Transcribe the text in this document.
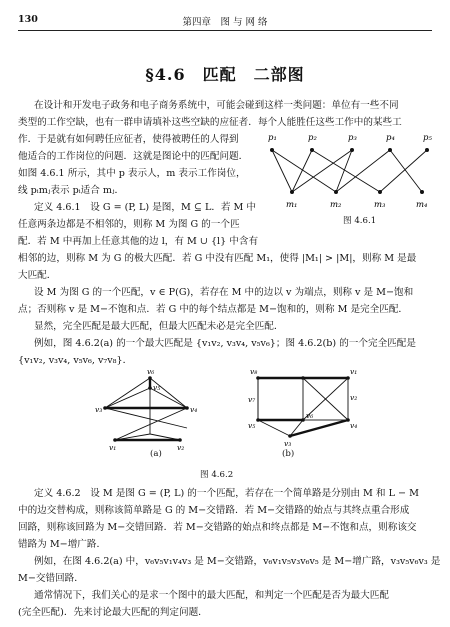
130	第四章　图 与 网 络
§4.6　匹配　二部图

在设计和开发电子政务和电子商务系统中，可能会碰到这样一类问题：单位有一些不同

类型的工作空缺，也有一群申请填补这些空缺的应征者．每个人能胜任这些工作中的某些工

作．于是就有如何聘任应征者，使得被聘任的人得到

他适合的工作岗位的问题．这就是图论中的匹配问题．

如图 4.6.1 所示，其中 p 表示人，m 表示工作岗位，

线 pᵢmⱼ表示 pᵢ适合 mⱼ．

定义 4.6.1　设 G = (P, L) 是图，M ⊆ L．若 M 中

任意两条边都是不相邻的，则称 M 为图 G 的一个匹

配．若 M 中再加上任意其他的边 l，有 M ∪ {l} 中含有

相邻的边，则称 M 为 G 的极大匹配．若 G 中没有匹配 M₁，使得 |M₁| > |M|，则称 M 是最

大匹配．

设 M 为图 G 的一个匹配，v ∈ P(G)，若存在 M 中的边以 v 为端点，则称 v 是 M−饱和

点；否则称 v 是 M−不饱和点．若 G 中的每个结点都是 M−饱和的，则称 M 是完全匹配．

显然，完全匹配是最大匹配，但最大匹配未必是完全匹配．

例如，图 4.6.2(a) 的一个最大匹配是 {v₁v₂, v₃v₄, v₅v₆}；图 4.6.2(b) 的一个完全匹配是

{v₁v₂, v₃v₄, v₅v₆, v₇v₈}．

p₁	p₂	p₃	p₄	p₅
m₁	m₂	m₃	m₄
图 4.6.1
v₆
v₅
v₃	v₄
v₁	v₂
(a)
v₈
v₇
v₁
v₂
v₅
v₆
v₄
v₃
(b)
图 4.6.2

定义 4.6.2　设 M 是图 G = (P, L) 的一个匹配，若存在一个简单路是分别由 M 和 L − M

中的边交替构成，则称该简单路是 G 的 M−交错路．若 M−交错路的始点与其终点重合形成

回路，则称该回路为 M−交错回路．若 M−交错路的始点和终点都是 M−不饱和点，则称该交

错路为 M−增广路．

例如，在图 4.6.2(a) 中，v₆v₅v₁v₄v₃ 是 M−交错路，v₆v₁v₅v₃v₆v₅ 是 M−增广路，v₃v₅v₆v₃ 是

M−交错回路．

通常情况下，我们关心的是求一个图中的最大匹配，和判定一个匹配是否为最大匹配

(完全匹配)．先来讨论最大匹配的判定问题．
